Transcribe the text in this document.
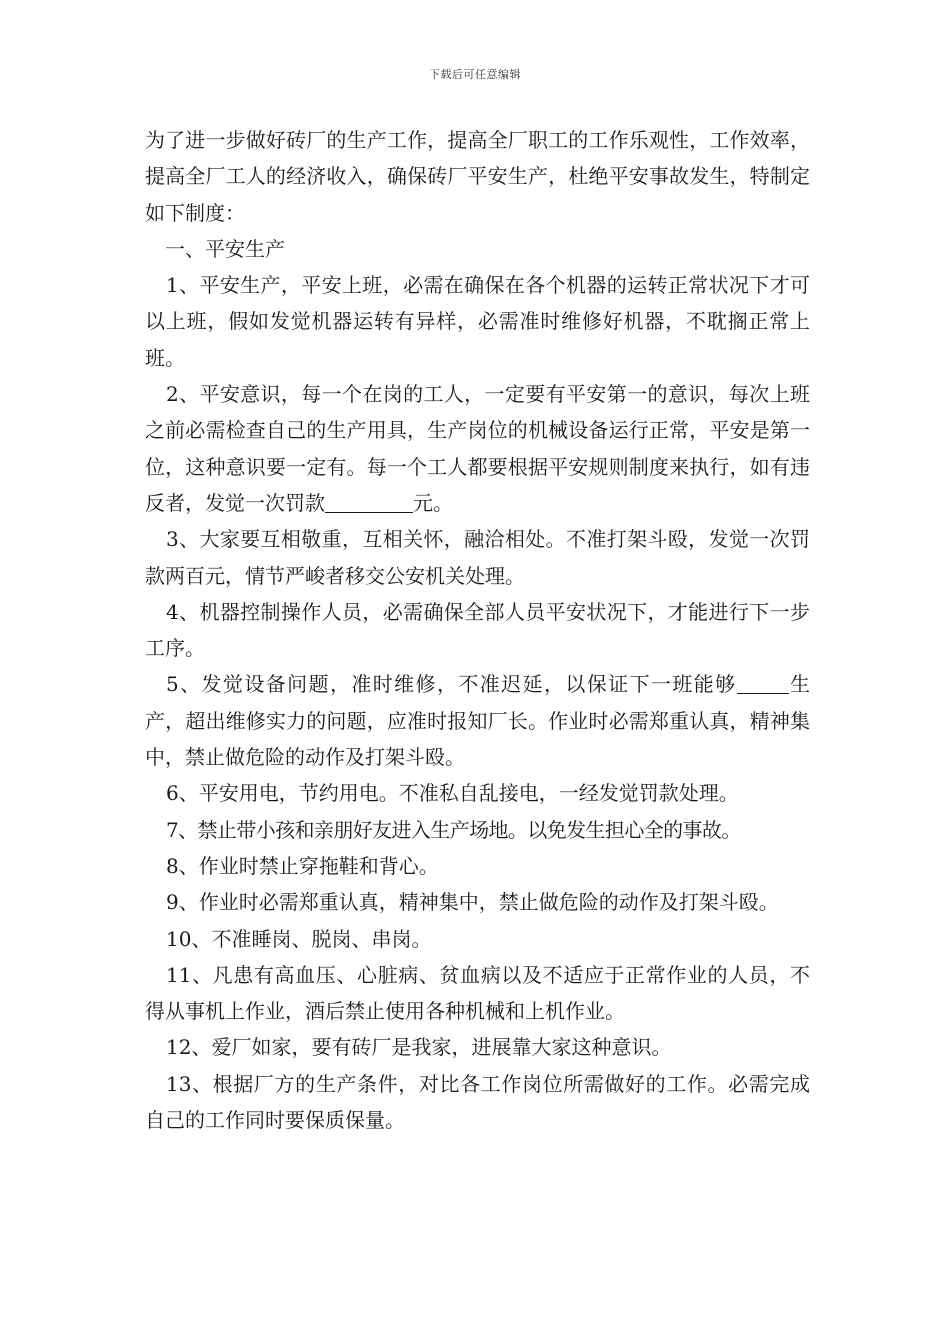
下载后可任意编辑

为了进一步做好砖厂的生产工作，提高全厂职工的工作乐观性，工作效率，提高全厂工人的经济收入，确保砖厂平安生产，杜绝平安事故发生，特制定如下制度：

一、平安生产

1、平安生产，平安上班，必需在确保在各个机器的运转正常状况下才可以上班，假如发觉机器运转有异样，必需准时维修好机器，不耽搁正常上班。

2、平安意识，每一个在岗的工人，一定要有平安第一的意识，每次上班之前必需检查自己的生产用具，生产岗位的机械设备运行正常，平安是第一位，这种意识要一定有。每一个工人都要根据平安规则制度来执行，如有违反者，发觉一次罚款	元。

3、大家要互相敬重，互相关怀，融洽相处。不准打架斗殴，发觉一次罚款两百元，情节严峻者移交公安机关处理。

4、机器控制操作人员，必需确保全部人员平安状况下，才能进行下一步工序。

5、发觉设备问题，准时维修，不准迟延，以保证下一班能够	生产，超出维修实力的问题，应准时报知厂长。作业时必需郑重认真，精神集中，禁止做危险的动作及打架斗殴。

6、平安用电，节约用电。不准私自乱接电，一经发觉罚款处理。

7、禁止带小孩和亲朋好友进入生产场地。以免发生担心全的事故。

8、作业时禁止穿拖鞋和背心。

9、作业时必需郑重认真，精神集中，禁止做危险的动作及打架斗殴。

10、不准睡岗、脱岗、串岗。

11、凡患有高血压、心脏病、贫血病以及不适应于正常作业的人员，不得从事机上作业，酒后禁止使用各种机械和上机作业。

12、爱厂如家，要有砖厂是我家，进展靠大家这种意识。

13、根据厂方的生产条件，对比各工作岗位所需做好的工作。必需完成自己的工作同时要保质保量。
